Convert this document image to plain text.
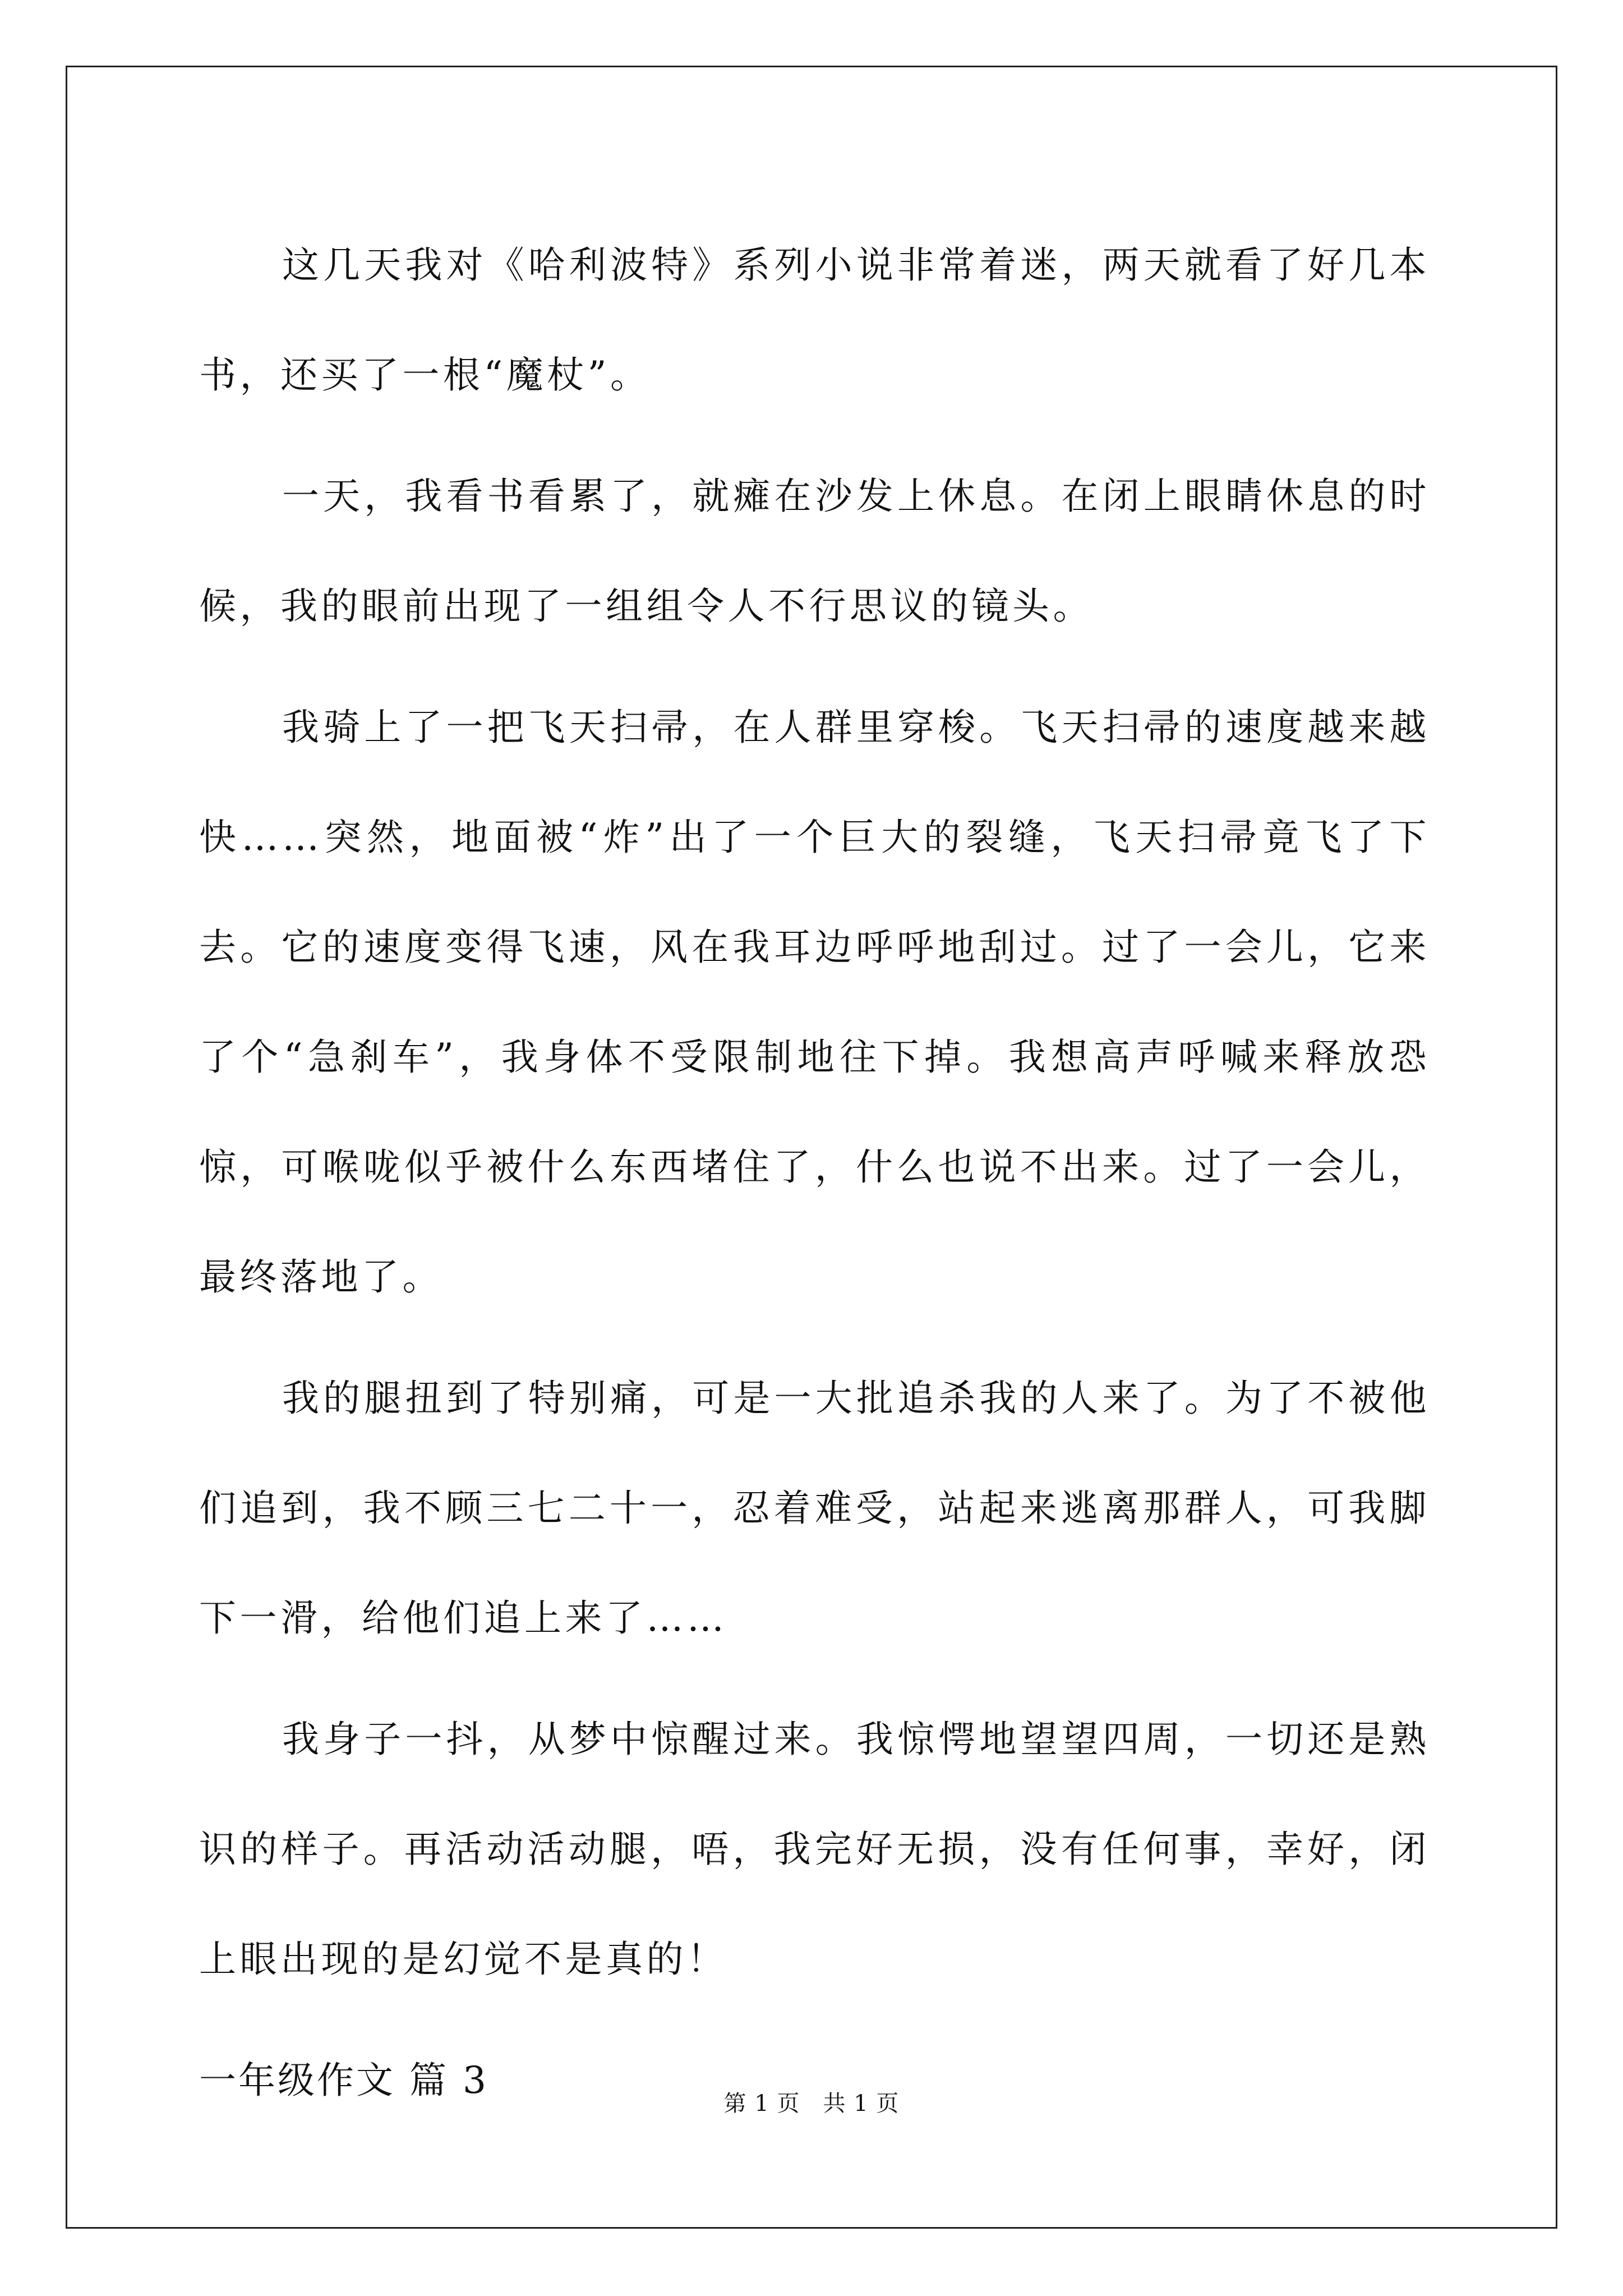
这几天我对《哈利波特》系列小说非常着迷，两天就看了好几本书，还买了一根“魔杖”。

一天，我看书看累了，就瘫在沙发上休息。在闭上眼睛休息的时候，我的眼前出现了一组组令人不行思议的镜头。

我骑上了一把飞天扫帚，在人群里穿梭。飞天扫帚的速度越来越快……突然，地面被“炸”出了一个巨大的裂缝，飞天扫帚竟飞了下去。它的速度变得飞速，风在我耳边呼呼地刮过。过了一会儿，它来了个“急刹车”，我身体不受限制地往下掉。我想高声呼喊来释放恐惊，可喉咙似乎被什么东西堵住了，什么也说不出来。过了一会儿，最终落地了。

我的腿扭到了特别痛，可是一大批追杀我的人来了。为了不被他们追到，我不顾三七二十一，忍着难受，站起来逃离那群人，可我脚下一滑，给他们追上来了……

我身子一抖，从梦中惊醒过来。我惊愕地望望四周，一切还是熟识的样子。再活动活动腿，唔，我完好无损，没有任何事，幸好，闭上眼出现的是幻觉不是真的！

一年级作文 篇 3

第 1 页　共 1 页
